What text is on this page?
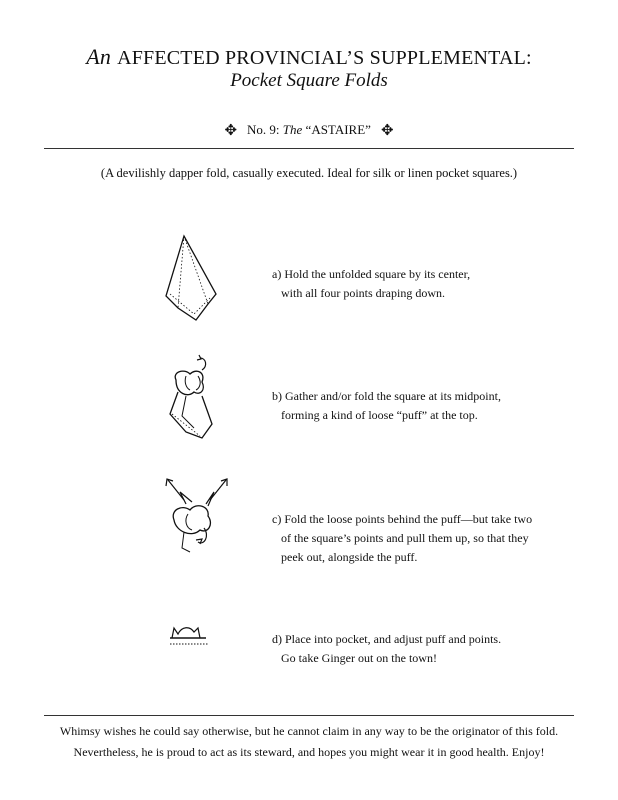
An AFFECTED PROVINCIAL’S SUPPLEMENTAL:
Pocket Square Folds
✥ No. 9: The “ASTAIRE” ✥
(A devilishly dapper fold, casually executed. Ideal for silk or linen pocket squares.)
a) Hold the unfolded square by its center,
with all four points draping down.
b) Gather and/or fold the square at its midpoint,
forming a kind of loose “puff” at the top.
c) Fold the loose points behind the puff—but take two
of the square’s points and pull them up, so that they
peek out, alongside the puff.
d) Place into pocket, and adjust puff and points.
Go take Ginger out on the town!
Whimsy wishes he could say otherwise, but he cannot claim in any way to be the originator of this fold.
Nevertheless, he is proud to act as its steward, and hopes you might wear it in good health. Enjoy!
